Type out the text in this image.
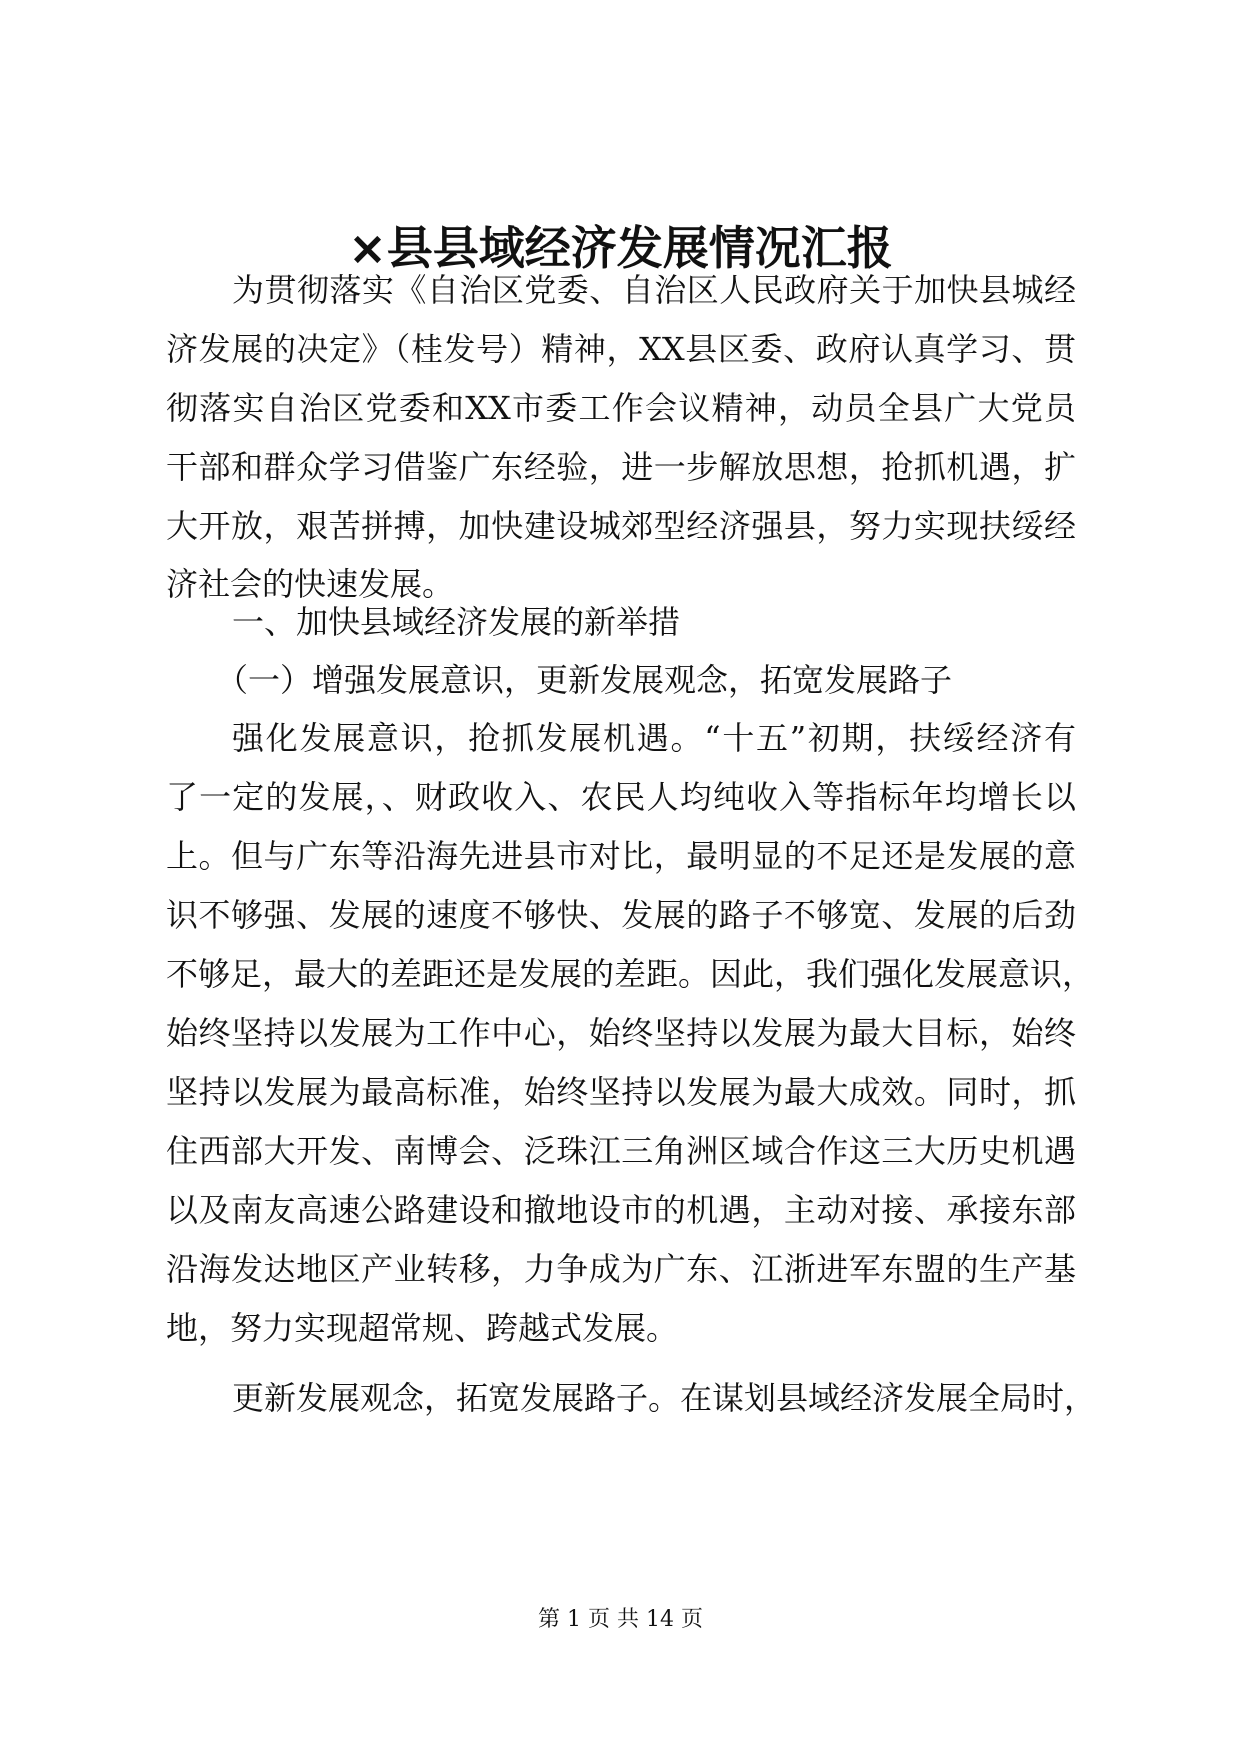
×县县域经济发展情况汇报

为贯彻落实《自治区党委、自治区人民政府关于加快县城经

济发展的决定》（桂发号）精神，XX县区委、政府认真学习、贯

彻落实自治区党委和XX市委工作会议精神，动员全县广大党员

干部和群众学习借鉴广东经验，进一步解放思想，抢抓机遇，扩

大开放，艰苦拼搏，加快建设城郊型经济强县，努力实现扶绥经

济社会的快速发展。

一、加快县域经济发展的新举措

（一）增强发展意识，更新发展观念，拓宽发展路子

强化发展意识，抢抓发展机遇。“十五”初期，扶绥经济有

了一定的发展，、财政收入、农民人均纯收入等指标年均增长以

上。但与广东等沿海先进县市对比，最明显的不足还是发展的意

识不够强、发展的速度不够快、发展的路子不够宽、发展的后劲

不够足，最大的差距还是发展的差距。因此，我们强化发展意识，

始终坚持以发展为工作中心，始终坚持以发展为最大目标，始终

坚持以发展为最高标准，始终坚持以发展为最大成效。同时，抓

住西部大开发、南博会、泛珠江三角洲区域合作这三大历史机遇

以及南友高速公路建设和撤地设市的机遇，主动对接、承接东部

沿海发达地区产业转移，力争成为广东、江浙进军东盟的生产基

地，努力实现超常规、跨越式发展。

更新发展观念，拓宽发展路子。在谋划县域经济发展全局时，

第 1 页 共 14 页
